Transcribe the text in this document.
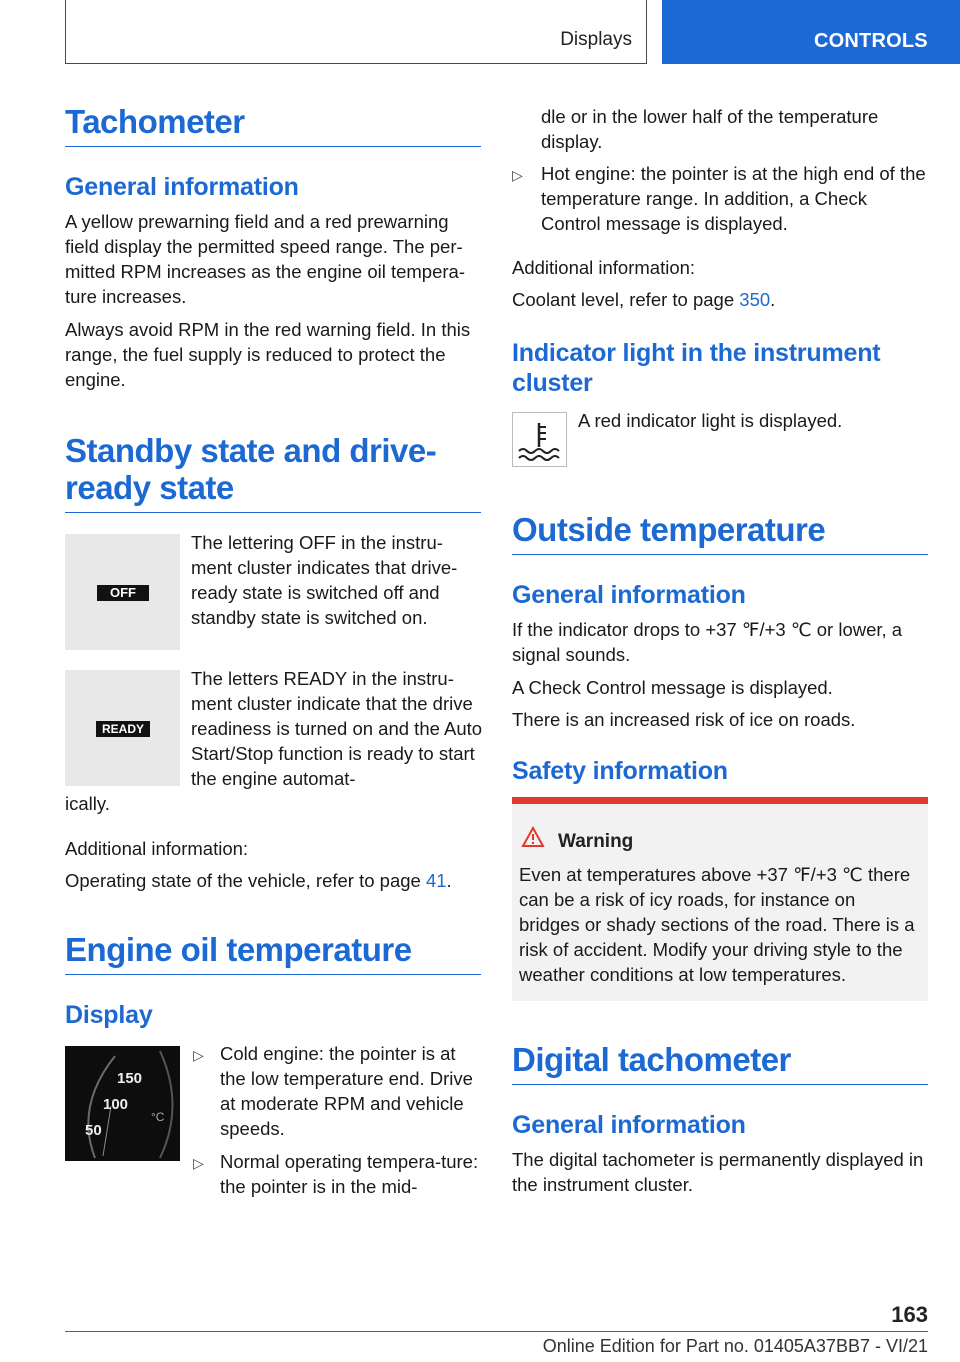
Displays	CONTROLS
Tachometer
General information

A yellow prewarning field and a red prewarning field display the permitted speed range. The per-mitted RPM increases as the engine oil tempera-ture increases.

Always avoid RPM in the red warning field. In this range, the fuel supply is reduced to protect the engine.

Standby state and drive-
ready state
OFF

The lettering OFF in the instru-ment cluster indicates that drive-ready state is switched off and standby state is switched on.

READY

The letters READY in the instru-ment cluster indicate that the drive readiness is turned on and the Auto Start/Stop function is ready to start the engine automat-

ically.

Additional information:

Operating state of the vehicle, refer to page 41.

Engine oil temperature
Display
150
100
50
°C
▷ Cold engine: the pointer is at the low temperature end. Drive at moderate RPM and vehicle speeds.

▷ Normal operating tempera-ture: the pointer is in the mid-

dle or in the lower half of the temperature display.

▷ Hot engine: the pointer is at the high end of the temperature range. In addition, a Check Control message is displayed.

Additional information:

Coolant level, refer to page 350.

Indicator light in the instrument cluster

A red indicator light is displayed.

Outside temperature
General information

If the indicator drops to +37 ℉/+3 ℃ or lower, a signal sounds.

A Check Control message is displayed.

There is an increased risk of ice on roads.

Safety information
Warning

Even at temperatures above +37 ℉/+3 ℃ there can be a risk of icy roads, for instance on bridges or shady sections of the road. There is a risk of accident. Modify your driving style to the weather conditions at low temperatures.

Digital tachometer
General information

The digital tachometer is permanently displayed in the instrument cluster.

163
Online Edition for Part no. 01405A37BB7 - VI/21
